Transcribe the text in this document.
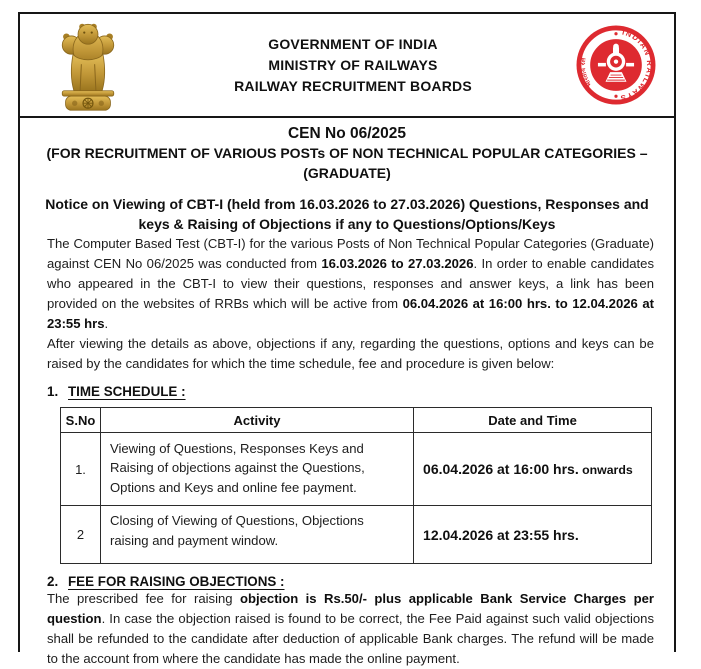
GOVERNMENT OF INDIA
MINISTRY OF RAILWAYS
RAILWAY RECRUITMENT BOARDS
INDIAN RAILWAYS
भारतीय रेल
CEN No 06/2025
(FOR RECRUITMENT OF VARIOUS POSTs OF NON TECHNICAL POPULAR CATEGORIES –
(GRADUATE)
Notice on Viewing of CBT-I (held from 16.03.2026 to 27.03.2026) Questions, Responses and keys & Raising of Objections if any to Questions/Options/Keys

The Computer Based Test (CBT-I) for the various Posts of Non Technical Popular Categories (Graduate) against CEN No 06/2025 was conducted from 16.03.2026 to 27.03.2026. In order to enable candidates who appeared in the CBT-I to view their questions, responses and answer keys, a link has been provided on the websites of RRBs which will be active from 06.04.2026 at 16:00 hrs. to 12.04.2026 at 23:55 hrs.

After viewing the details as above, objections if any, regarding the questions, options and keys can be raised by the candidates for which the time schedule, fee and procedure is given below:

1. TIME SCHEDULE :
S.No	Activity	Date and Time
1.	Viewing of Questions, Responses Keys and Raising of objections against the Questions, Options and Keys and online fee payment.	06.04.2026 at 16:00 hrs. onwards
2	Closing of Viewing of Questions, Objections raising and payment window.	12.04.2026 at 23:55 hrs.
2. FEE FOR RAISING OBJECTIONS :

The prescribed fee for raising objection is Rs.50/- plus applicable Bank Service Charges per question. In case the objection raised is found to be correct, the Fee Paid against such valid objections shall be refunded to the candidate after deduction of applicable Bank charges. The refund will be made to the account from where the candidate has made the online payment.
